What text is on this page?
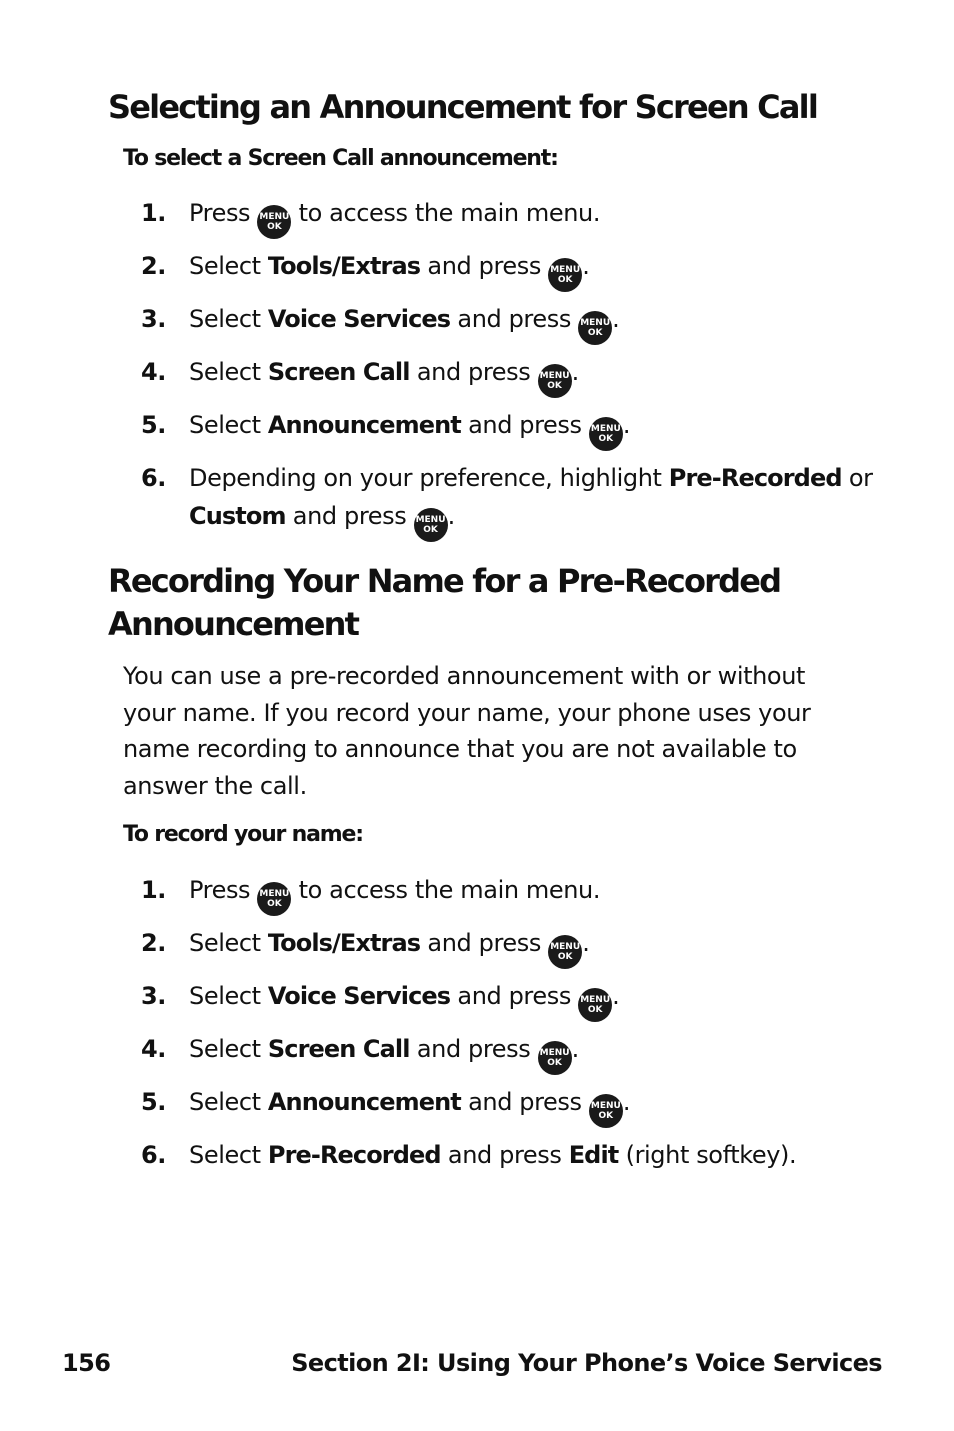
Selecting an Announcement for Screen Call

To select a Screen Call announcement:

1. Press MENU
OK to access the main menu.
2. Select Tools/Extras and press MENU
OK .
3. Select Voice Services and press MENU
OK .
4. Select Screen Call and press MENU
OK .
5. Select Announcement and press MENU
OK .
6. Depending on your preference, highlight Pre-Recorded or Custom and press MENU
OK .
Recording Your Name for a Pre-Recorded
Announcement

You can use a pre-recorded announcement with or without your name. If you record your name, your phone uses your name recording to announce that you are not available to answer the call.

To record your name:

1. Press MENU
OK to access the main menu.
2. Select Tools/Extras and press MENU
OK .
3. Select Voice Services and press MENU
OK .
4. Select Screen Call and press MENU
OK .
5. Select Announcement and press MENU
OK .
6. Select Pre-Recorded and press Edit (right softkey).
156	Section 2I: Using Your Phone’s Voice Services
